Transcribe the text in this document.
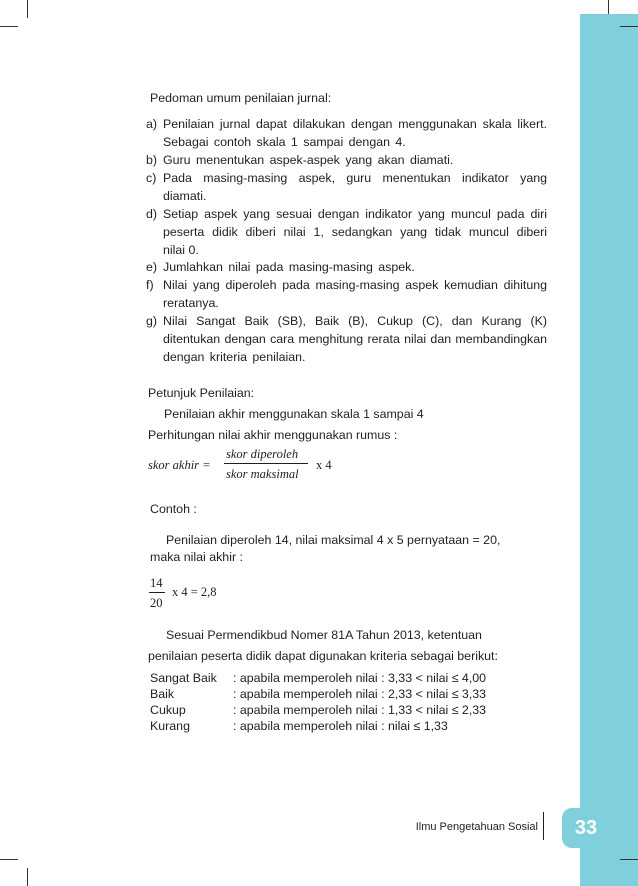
Pedoman umum penilaian jurnal:
a) Penilaian jurnal dapat dilakukan dengan menggunakan skala likert.
Sebagai contoh skala 1 sampai dengan 4.
b) Guru menentukan aspek-aspek yang akan diamati.
c) Pada masing-masing aspek, guru menentukan indikator yang
diamati.
d) Setiap aspek yang sesuai dengan indikator yang muncul pada diri
peserta didik diberi nilai 1, sedangkan yang tidak muncul diberi
nilai 0.
e) Jumlahkan nilai pada masing-masing aspek.
f) Nilai yang diperoleh pada masing-masing aspek kemudian dihitung
reratanya.
g) Nilai Sangat Baik (SB), Baik (B), Cukup (C), dan Kurang (K)
ditentukan dengan cara menghitung rerata nilai dan membandingkan
dengan kriteria penilaian.
Petunjuk Penilaian:
Penilaian akhir menggunakan skala 1 sampai 4
Perhitungan nilai akhir menggunakan rumus :
skor akhir =
skor diperoleh
skor maksimal
x 4
Contoh :
Penilaian diperoleh 14, nilai maksimal 4 x 5 pernyataan = 20,
maka nilai akhir :
14
20
x 4 = 2,8
Sesuai Permendikbud Nomer 81A Tahun 2013, ketentuan
penilaian peserta didik dapat digunakan kriteria sebagai berikut:
Sangat Baik : apabila memperoleh nilai : 3,33 < nilai ≤ 4,00
Baik	: apabila memperoleh nilai : 2,33 < nilai ≤ 3,33
Cukup	: apabila memperoleh nilai : 1,33 < nilai ≤ 2,33
Kurang	: apabila memperoleh nilai : nilai ≤ 1,33
Ilmu Pengetahuan Sosial	33
